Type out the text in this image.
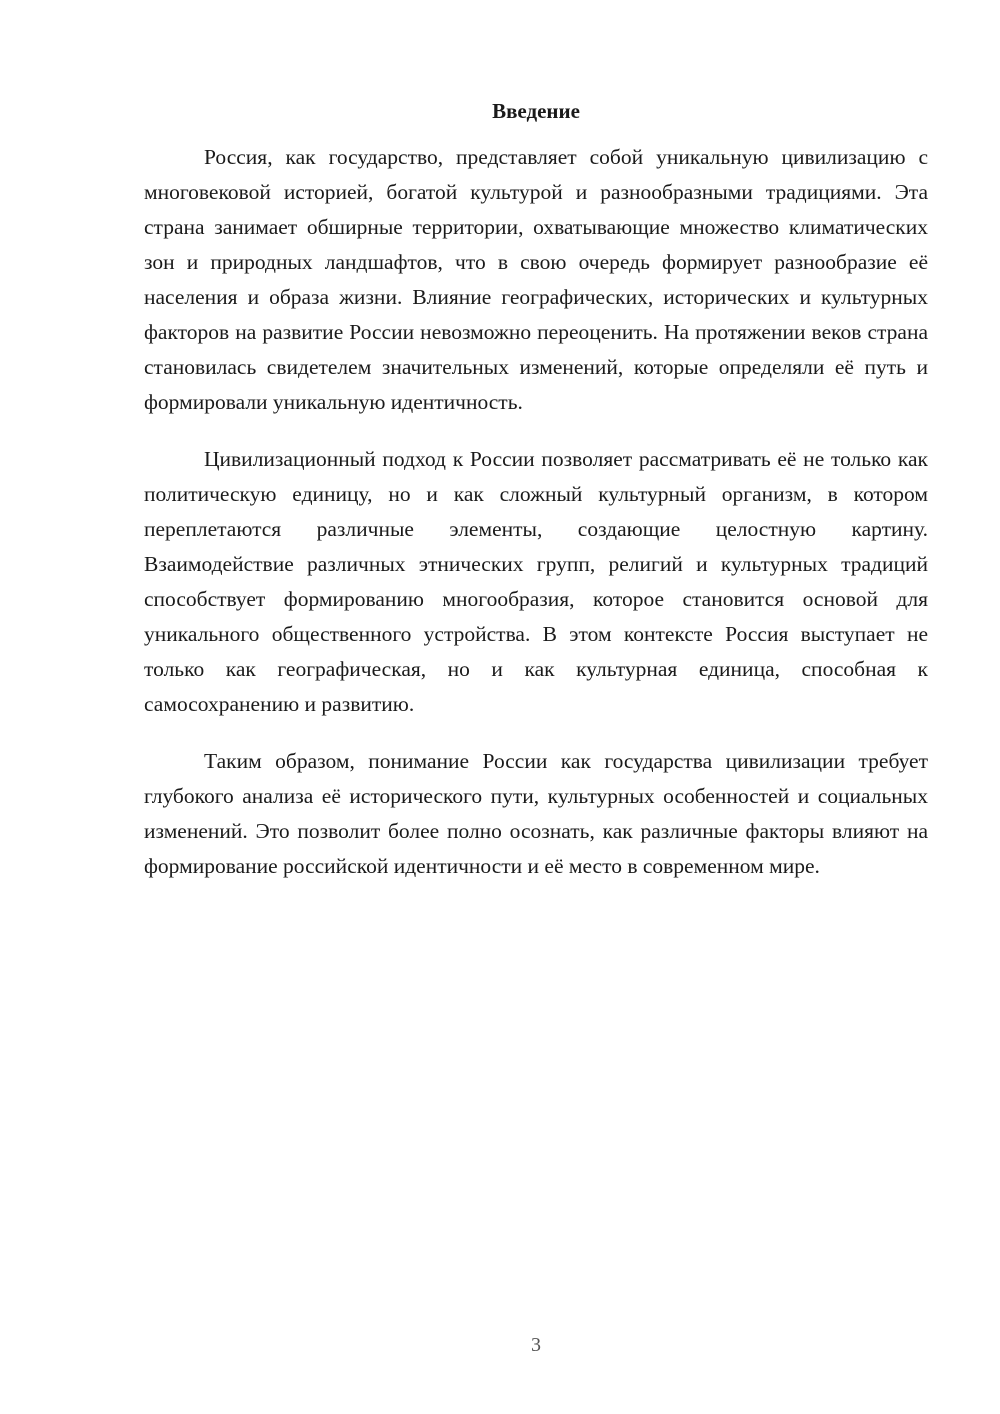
Введение

Россия, как государство, представляет собой уникальную цивилизацию с многовековой историей, богатой культурой и разнообразными традициями. Эта страна занимает обширные территории, охватывающие множество климатических зон и природных ландшафтов, что в свою очередь формирует разнообразие её населения и образа жизни. Влияние географических, исторических и культурных факторов на развитие России невозможно переоценить. На протяжении веков страна становилась свидетелем значительных изменений, которые определяли её путь и формировали уникальную идентичность.

Цивилизационный подход к России позволяет рассматривать её не только как политическую единицу, но и как сложный культурный организм, в котором переплетаются различные элементы, создающие целостную картину. Взаимодействие различных этнических групп, религий и культурных традиций способствует формированию многообразия, которое становится основой для уникального общественного устройства. В этом контексте Россия выступает не только как географическая, но и как культурная единица, способная к самосохранению и развитию.

Таким образом, понимание России как государства цивилизации требует глубокого анализа её исторического пути, культурных особенностей и социальных изменений. Это позволит более полно осознать, как различные факторы влияют на формирование российской идентичности и её место в современном мире.

3
